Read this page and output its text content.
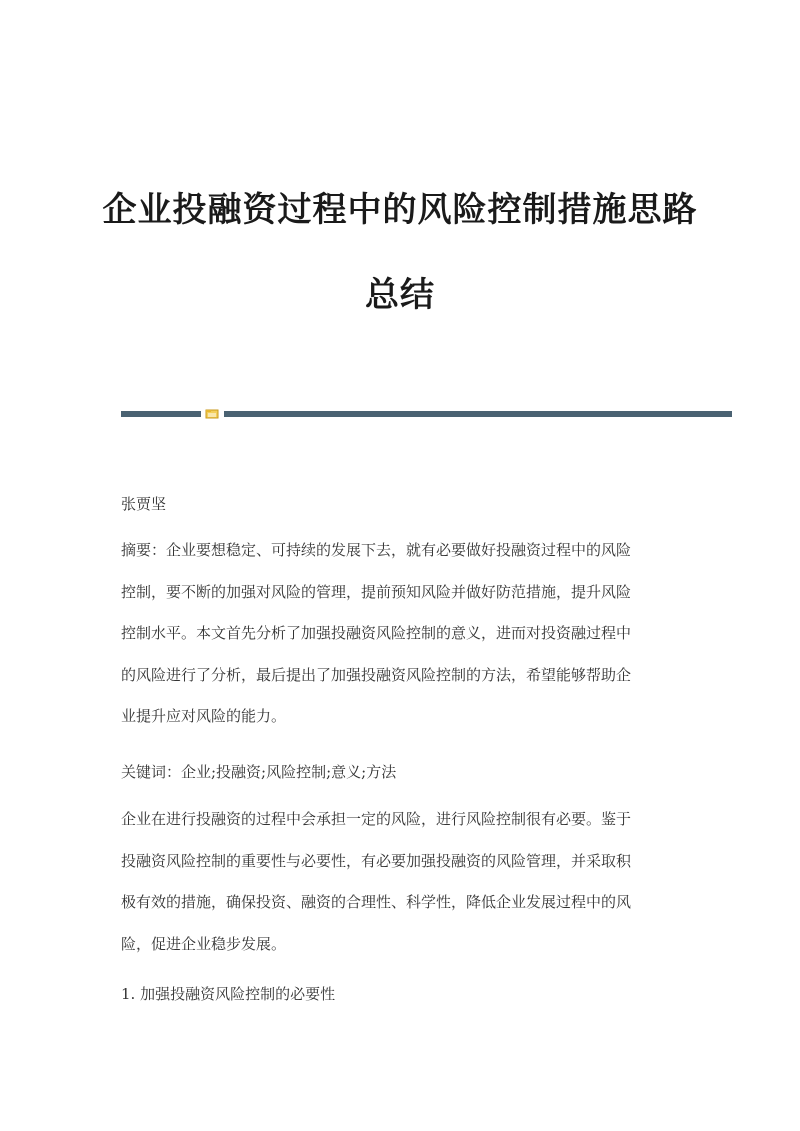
企业投融资过程中的风险控制措施思路
总结
张贾坚
摘要：企业要想稳定、可持续的发展下去，就有必要做好投融资过程中的风险
控制，要不断的加强对风险的管理，提前预知风险并做好防范措施，提升风险
控制水平。本文首先分析了加强投融资风险控制的意义，进而对投资融过程中
的风险进行了分析，最后提出了加强投融资风险控制的方法，希望能够帮助企
业提升应对风险的能力。
关键词：企业;投融资;风险控制;意义;方法
企业在进行投融资的过程中会承担一定的风险，进行风险控制很有必要。鉴于
投融资风险控制的重要性与必要性，有必要加强投融资的风险管理，并采取积
极有效的措施，确保投资、融资的合理性、科学性，降低企业发展过程中的风
险，促进企业稳步发展。
1. 加强投融资风险控制的必要性
